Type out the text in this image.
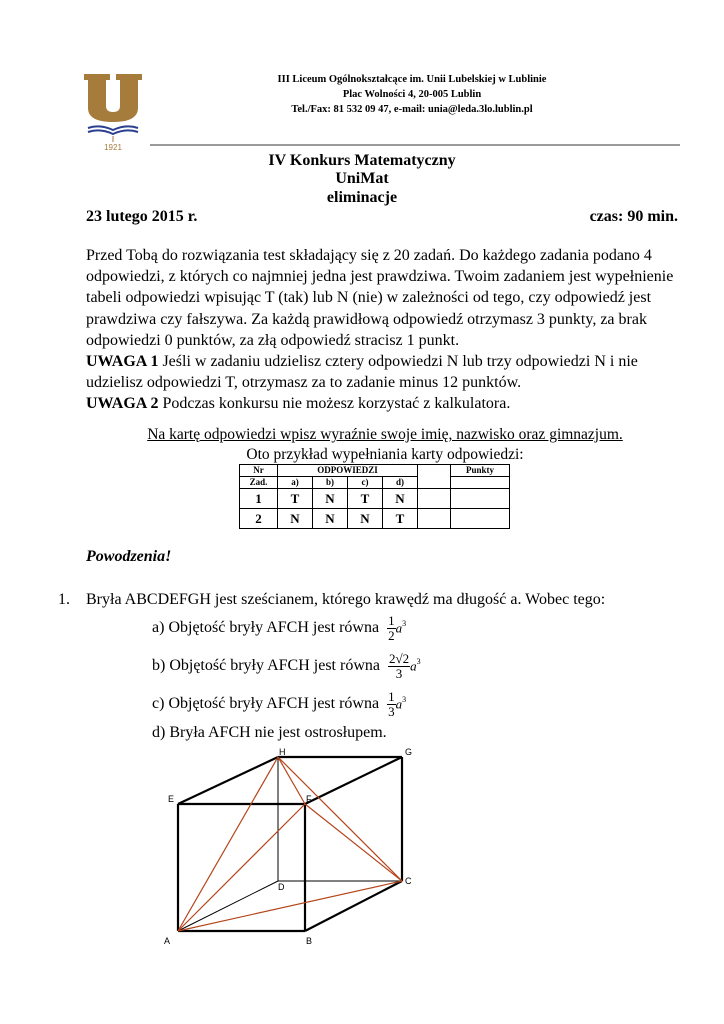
1921
III Liceum Ogólnokształcące im. Unii Lubelskiej w Lublinie
Plac Wolności 4, 20-005 Lublin
Tel./Fax: 81 532 09 47, e-mail: unia@leda.3lo.lublin.pl
IV Konkurs Matematyczny
UniMat
eliminacje
23 lutego 2015 r.	czas: 90 min.
Przed Tobą do rozwiązania test składający się z 20 zadań. Do każdego zadania podano 4 odpowiedzi, z których co najmniej jedna jest prawdziwa. Twoim zadaniem jest wypełnienie tabeli odpowiedzi wpisując T (tak) lub N (nie) w zależności od tego, czy odpowiedź jest prawdziwa czy fałszywa. Za każdą prawidłową odpowiedź otrzymasz 3 punkty, za brak odpowiedzi 0 punktów, za złą odpowiedź stracisz 1 punkt.
UWAGA 1 Jeśli w zadaniu udzielisz cztery odpowiedzi N lub trzy odpowiedzi N i nie udzielisz odpowiedzi T, otrzymasz za to zadanie minus 12 punktów.
UWAGA 2 Podczas konkursu nie możesz korzystać z kalkulatora.
Na kartę odpowiedzi wpisz wyraźnie swoje imię, nazwisko oraz gimnazjum.
Oto przykład wypełniania karty odpowiedzi:
Nr	ODPOWIEDZI					Punkty
Zad.	a)	b)	c)	d)		
1	T	N	T	N		
2	N	N	N	T		
Powodzenia!
1. Bryła ABCDEFGH jest sześcianem, którego krawędź ma długość a. Wobec tego:
a) Objętość bryły AFCH jest równa $\frac{1}{2} a^3$
b) Objętość bryły AFCH jest równa $\frac{2√2}{3} a^3$
c) Objętość bryły AFCH jest równa $\frac{1}{3} a^3$
d) Bryła AFCH nie jest ostrosłupem.
A	B
C
D
E	F
G
H
